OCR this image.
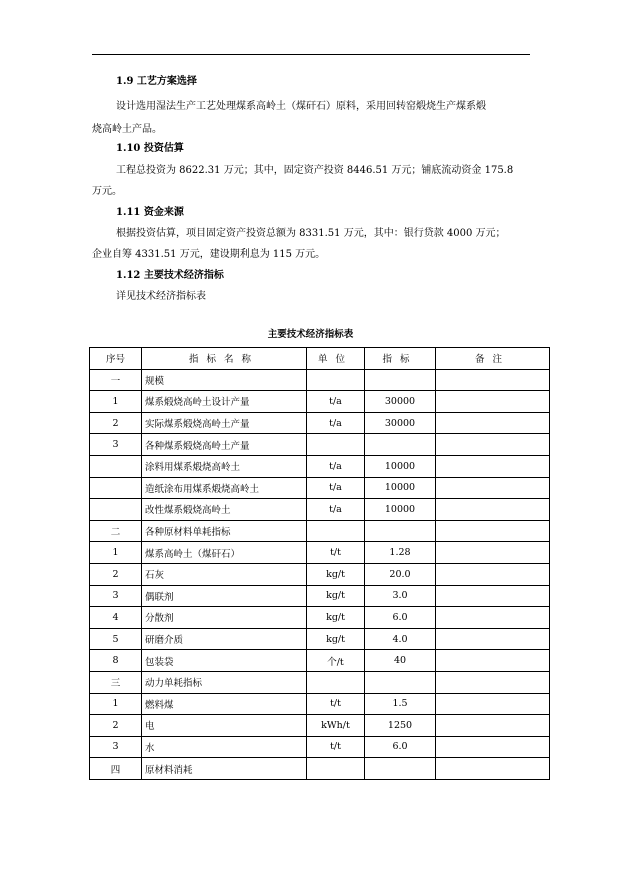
1.9 工艺方案选择
设计选用湿法生产工艺处理煤系高岭土（煤矸石）原料，采用回转窑煅烧生产煤系煅
烧高岭土产品。
1.10 投资估算
工程总投资为 8622.31 万元；其中，固定资产投资 8446.51 万元；铺底流动资金 175.8
万元。
1.11 资金来源
根据投资估算，项目固定资产投资总额为 8331.51 万元，其中：银行贷款 4000 万元；
企业自筹 4331.51 万元，建设期利息为 115 万元。
1.12 主要技术经济指标
详见技术经济指标表
主要技术经济指标表
序号	指标名称	单位	指标	备注
一	规模			
1	煤系煅烧高岭土设计产量	t/a	30000	
2	实际煤系煅烧高岭土产量	t/a	30000	
3	各种煤系煅烧高岭土产量			
	涂料用煤系煅烧高岭土	t/a	10000	
	造纸涂布用煤系煅烧高岭土	t/a	10000	
	改性煤系煅烧高岭土	t/a	10000	
二	各种原材料单耗指标			
1	煤系高岭土（煤矸石）	t/t	1.28	
2	石灰	kg/t	20.0	
3	偶联剂	kg/t	3.0	
4	分散剂	kg/t	6.0	
5	研磨介质	kg/t	4.0	
8	包装袋	个/t	40	
三	动力单耗指标			
1	燃料煤	t/t	1.5	
2	电	kWh/t	1250	
3	水	t/t	6.0	
四	原材料消耗			
